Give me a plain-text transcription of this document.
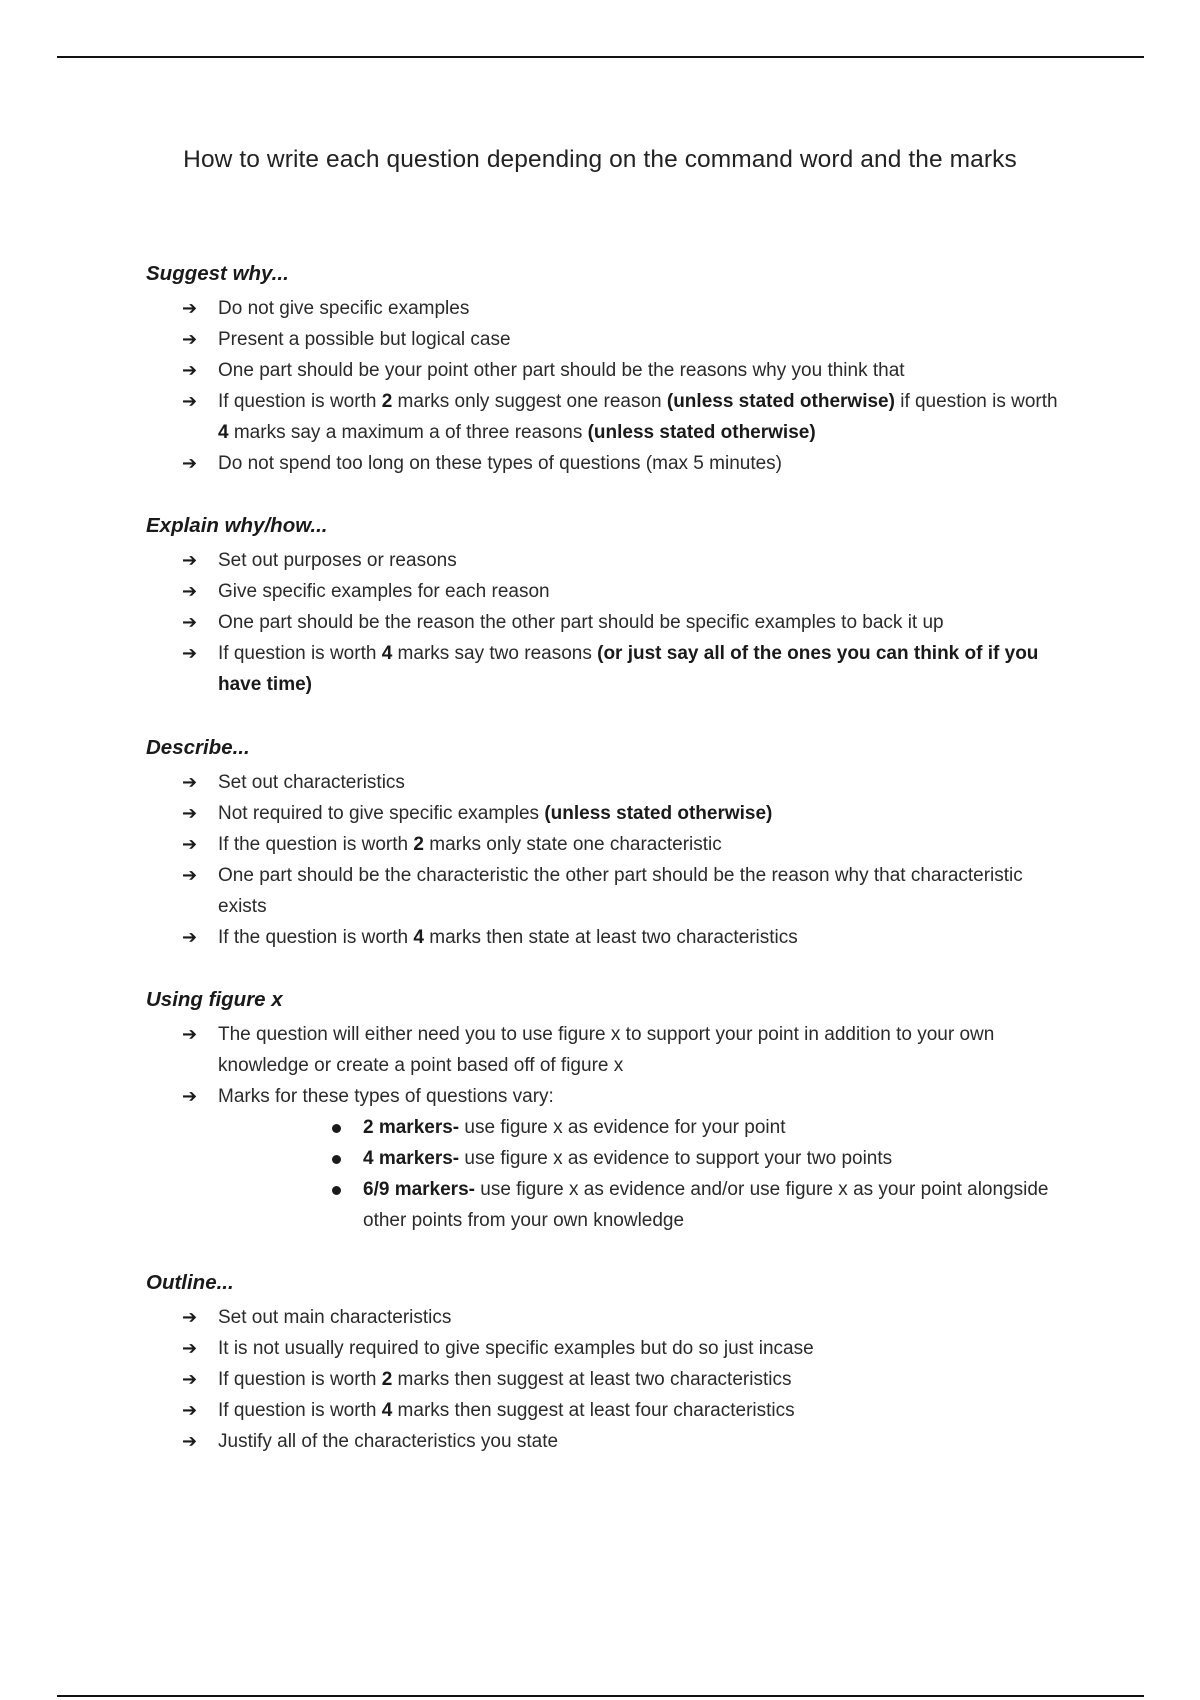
How to write each question depending on the command word and the marks
Suggest why...
➔ Do not give specific examples
➔ Present a possible but logical case
➔ One part should be your point other part should be the reasons why you think that
➔ If question is worth 2 marks only suggest one reason (unless stated otherwise) if question is worth 4 marks say a maximum a of three reasons (unless stated otherwise)
➔ Do not spend too long on these types of questions (max 5 minutes)
Explain why/how...
➔ Set out purposes or reasons
➔ Give specific examples for each reason
➔ One part should be the reason the other part should be specific examples to back it up
➔ If question is worth 4 marks say two reasons (or just say all of the ones you can think of if you have time)
Describe...
➔ Set out characteristics
➔ Not required to give specific examples (unless stated otherwise)
➔ If the question is worth 2 marks only state one characteristic
➔ One part should be the characteristic the other part should be the reason why that characteristic exists
➔ If the question is worth 4 marks then state at least two characteristics
Using figure x
➔ The question will either need you to use figure x to support your point in addition to your own knowledge or create a point based off of figure x
➔ Marks for these types of questions vary:
2 markers- use figure x as evidence for your point
4 markers- use figure x as evidence to support your two points
6/9 markers- use figure x as evidence and/or use figure x as your point alongside other points from your own knowledge
Outline...
➔ Set out main characteristics
➔ It is not usually required to give specific examples but do so just incase
➔ If question is worth 2 marks then suggest at least two characteristics
➔ If question is worth 4 marks then suggest at least four characteristics
➔ Justify all of the characteristics you state
